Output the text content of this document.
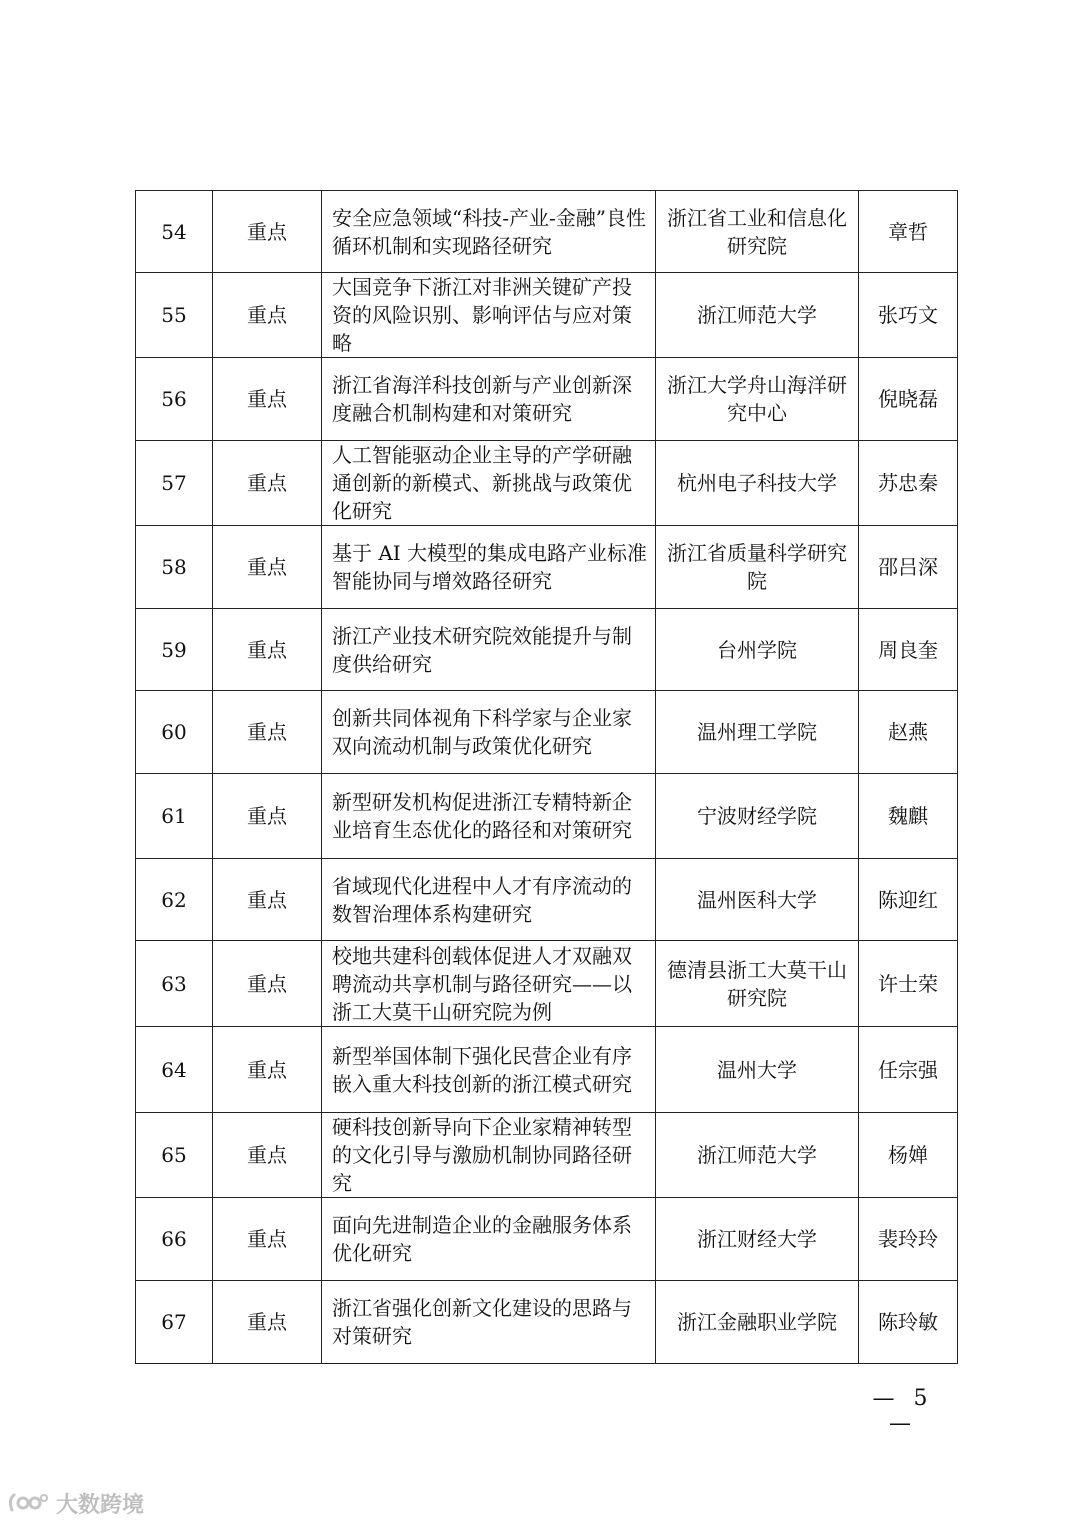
54	重点	安全应急领域“科技-产业-金融”良性循环机制和实现路径研究	浙江省工业和信息化研究院	章哲
55	重点	大国竞争下浙江对非洲关键矿产投资的风险识别、影响评估与应对策略	浙江师范大学	张巧文
56	重点	浙江省海洋科技创新与产业创新深度融合机制构建和对策研究	浙江大学舟山海洋研究中心	倪晓磊
57	重点	人工智能驱动企业主导的产学研融通创新的新模式、新挑战与政策优化研究	杭州电子科技大学	苏忠秦
58	重点	基于 AI 大模型的集成电路产业标准智能协同与增效路径研究	浙江省质量科学研究院	邵吕深
59	重点	浙江产业技术研究院效能提升与制度供给研究	台州学院	周良奎
60	重点	创新共同体视角下科学家与企业家双向流动机制与政策优化研究	温州理工学院	赵燕
61	重点	新型研发机构促进浙江专精特新企业培育生态优化的路径和对策研究	宁波财经学院	魏麒
62	重点	省域现代化进程中人才有序流动的数智治理体系构建研究	温州医科大学	陈迎红
63	重点	校地共建科创载体促进人才双融双聘流动共享机制与路径研究——以浙工大莫干山研究院为例	德清县浙工大莫干山研究院	许士荣
64	重点	新型举国体制下强化民营企业有序嵌入重大科技创新的浙江模式研究	温州大学	任宗强
65	重点	硬科技创新导向下企业家精神转型的文化引导与激励机制协同路径研究	浙江师范大学	杨婵
66	重点	面向先进制造企业的金融服务体系优化研究	浙江财经大学	裴玲玲
67	重点	浙江省强化创新文化建设的思路与对策研究	浙江金融职业学院	陈玲敏
— 5 —
大数跨境
